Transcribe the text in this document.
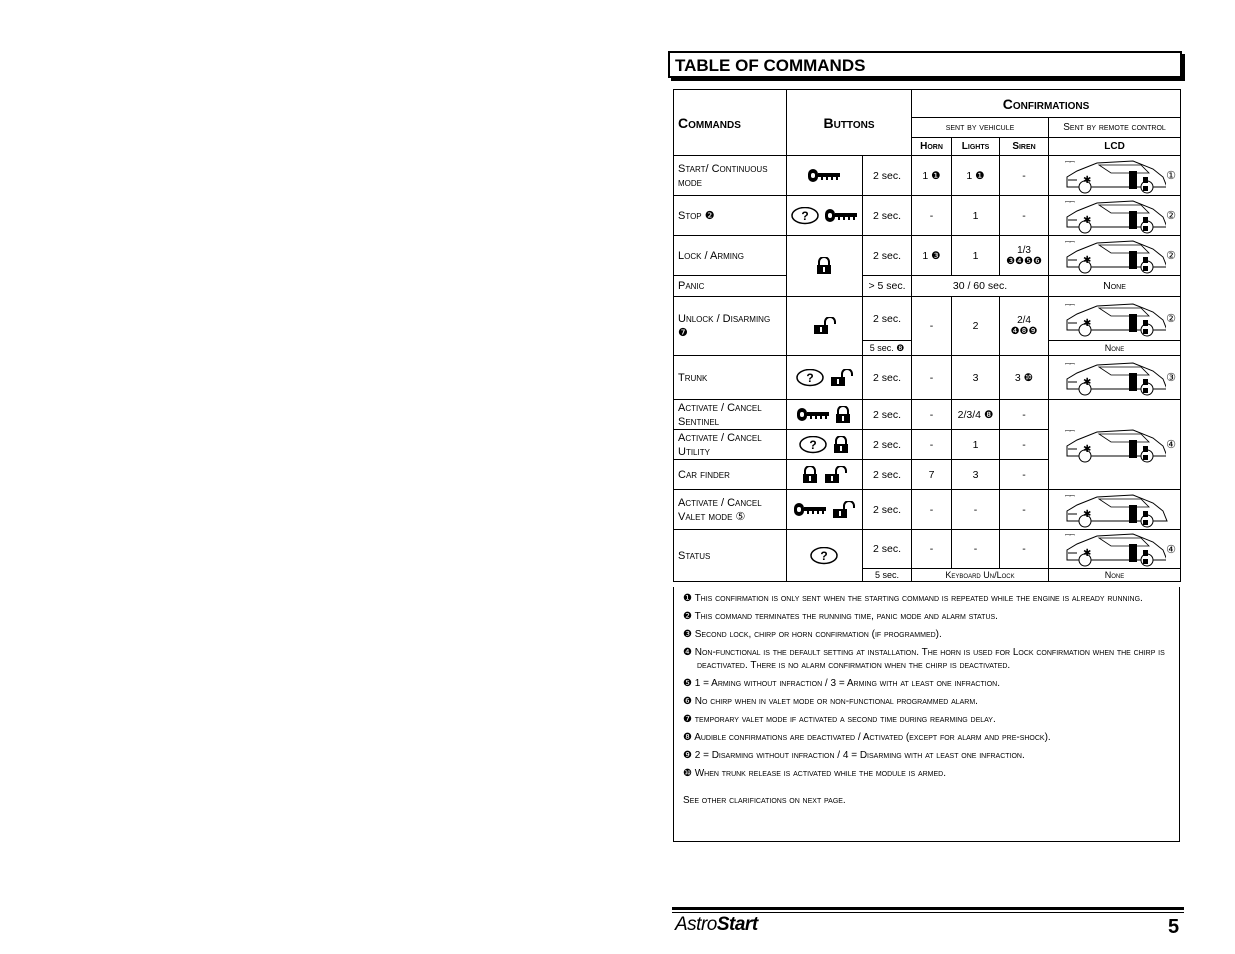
TABLE OF COMMANDS
Commands	Buttons		Confirmations			
			sent by vehicule			Sent by remote control
			Horn	Lights	Siren	LCD
Start/ Continuous mode		2 sec.	1 ❶	1 ❶	-	①

Stop ❷		2 sec.	-	1	-	②

Lock / Arming		2 sec.	1 ❸	1	1/3 ❸❹❺❻	②

Panic		> 5 sec.	30 / 60 sec.			None
Unlock / Disarming ❼		2 sec.	-	2	2/4 ❹❽❾	②

		5 sec. ❽				None
Trunk		2 sec.	-	3	3 ❿	③

Activate / Cancel Sentinel		2 sec.	-	2/3/4 ❽	-	④

Activate / Cancel Utility		2 sec.	-	1	-	
Car finder		2 sec.	7	3	-	
Activate / Cancel Valet mode ⑤		2 sec.	-	-	-	

Status		2 sec.	-	-	-	④

		5 sec.	Keyboard Un/Lock			None
❶ This confirmation is only sent when the starting command is repeated while the engine is already running.
❷ This command terminates the running time, panic mode and alarm status.
❸ Second lock, chirp or horn confirmation (if programmed).
❹ Non-functional is the default setting at installation. The horn is used for Lock confirmation when the chirp is deactivated. There is no alarm confirmation when the chirp is deactivated.
❺ 1 = Arming without infraction / 3 = Arming with at least one infraction.
❻ No chirp when in valet mode or non-functional programmed alarm.
❼ temporary valet mode if activated a second time during rearming delay.
❽ Audible confirmations are deactivated / Activated (except for alarm and pre-shock).
❾ 2 = Disarming without infraction / 4 = Disarming with at least one infraction.
❿ When trunk release is activated while the module is armed.
See other clarifications on next page.
AstroStart	5
